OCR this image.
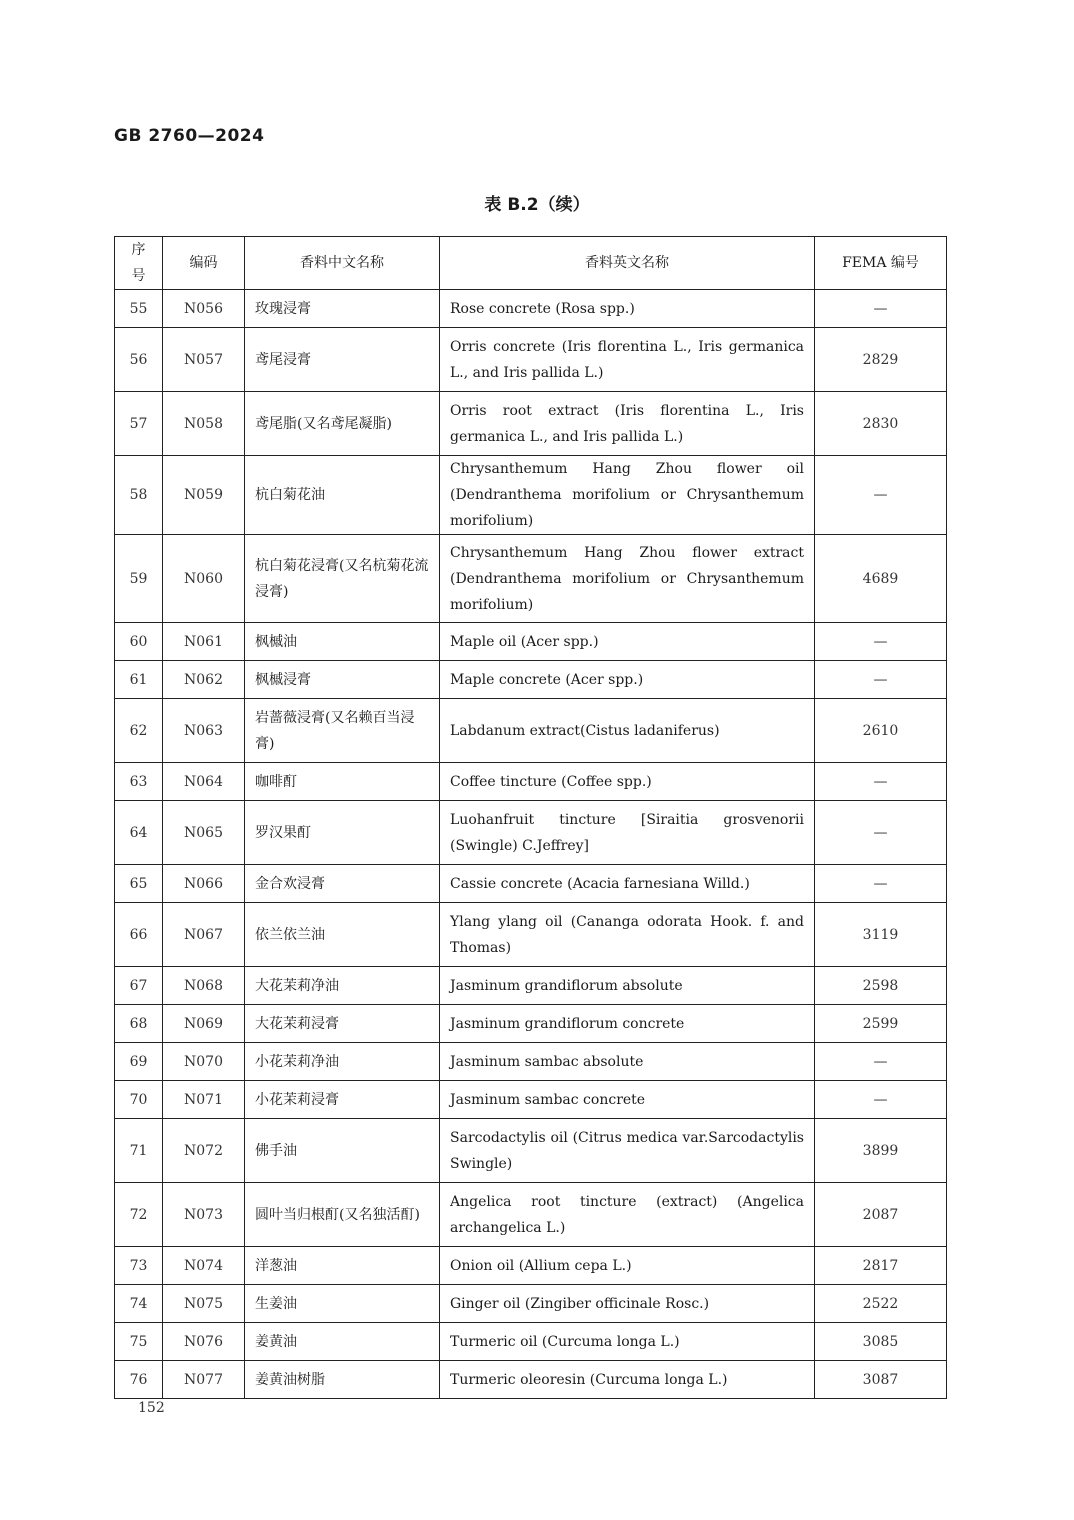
GB 2760—2024
表 B.2（续）
序号	编码	香料中文名称	香料英文名称	FEMA 编号
55	N056	玫瑰浸膏	Rose concrete (Rosa spp.)	—
56	N057	鸢尾浸膏	Orris concrete (Iris florentina L., Iris germanica L., and Iris pallida L.)	2829
57	N058	鸢尾脂(又名鸢尾凝脂)	Orris root extract (Iris florentina L., Iris germanica L., and Iris pallida L.)	2830
58	N059	杭白菊花油	Chrysanthemum Hang Zhou flower oil (Dendranthema morifolium or Chrysanthemum morifolium)	—
59	N060	杭白菊花浸膏(又名杭菊花流浸膏)	Chrysanthemum Hang Zhou flower extract (Dendranthema morifolium or Chrysanthemum morifolium)	4689
60	N061	枫槭油	Maple oil (Acer spp.)	—
61	N062	枫槭浸膏	Maple concrete (Acer spp.)	—
62	N063	岩蔷薇浸膏(又名赖百当浸膏)	Labdanum extract(Cistus ladaniferus)	2610
63	N064	咖啡酊	Coffee tincture (Coffee spp.)	—
64	N065	罗汉果酊	Luohanfruit tincture [Siraitia grosvenorii (Swingle) C.Jeffrey]	—
65	N066	金合欢浸膏	Cassie concrete (Acacia farnesiana Willd.)	—
66	N067	依兰依兰油	Ylang ylang oil (Cananga odorata Hook. f. and Thomas)	3119
67	N068	大花茉莉净油	Jasminum grandiflorum absolute	2598
68	N069	大花茉莉浸膏	Jasminum grandiflorum concrete	2599
69	N070	小花茉莉净油	Jasminum sambac absolute	—
70	N071	小花茉莉浸膏	Jasminum sambac concrete	—
71	N072	佛手油	Sarcodactylis oil (Citrus medica var.Sarcodactylis Swingle)	3899
72	N073	圆叶当归根酊(又名独活酊)	Angelica root tincture (extract) (Angelica archangelica L.)	2087
73	N074	洋葱油	Onion oil (Allium cepa L.)	2817
74	N075	生姜油	Ginger oil (Zingiber officinale Rosc.)	2522
75	N076	姜黄油	Turmeric oil (Curcuma longa L.)	3085
76	N077	姜黄油树脂	Turmeric oleoresin (Curcuma longa L.)	3087
152
